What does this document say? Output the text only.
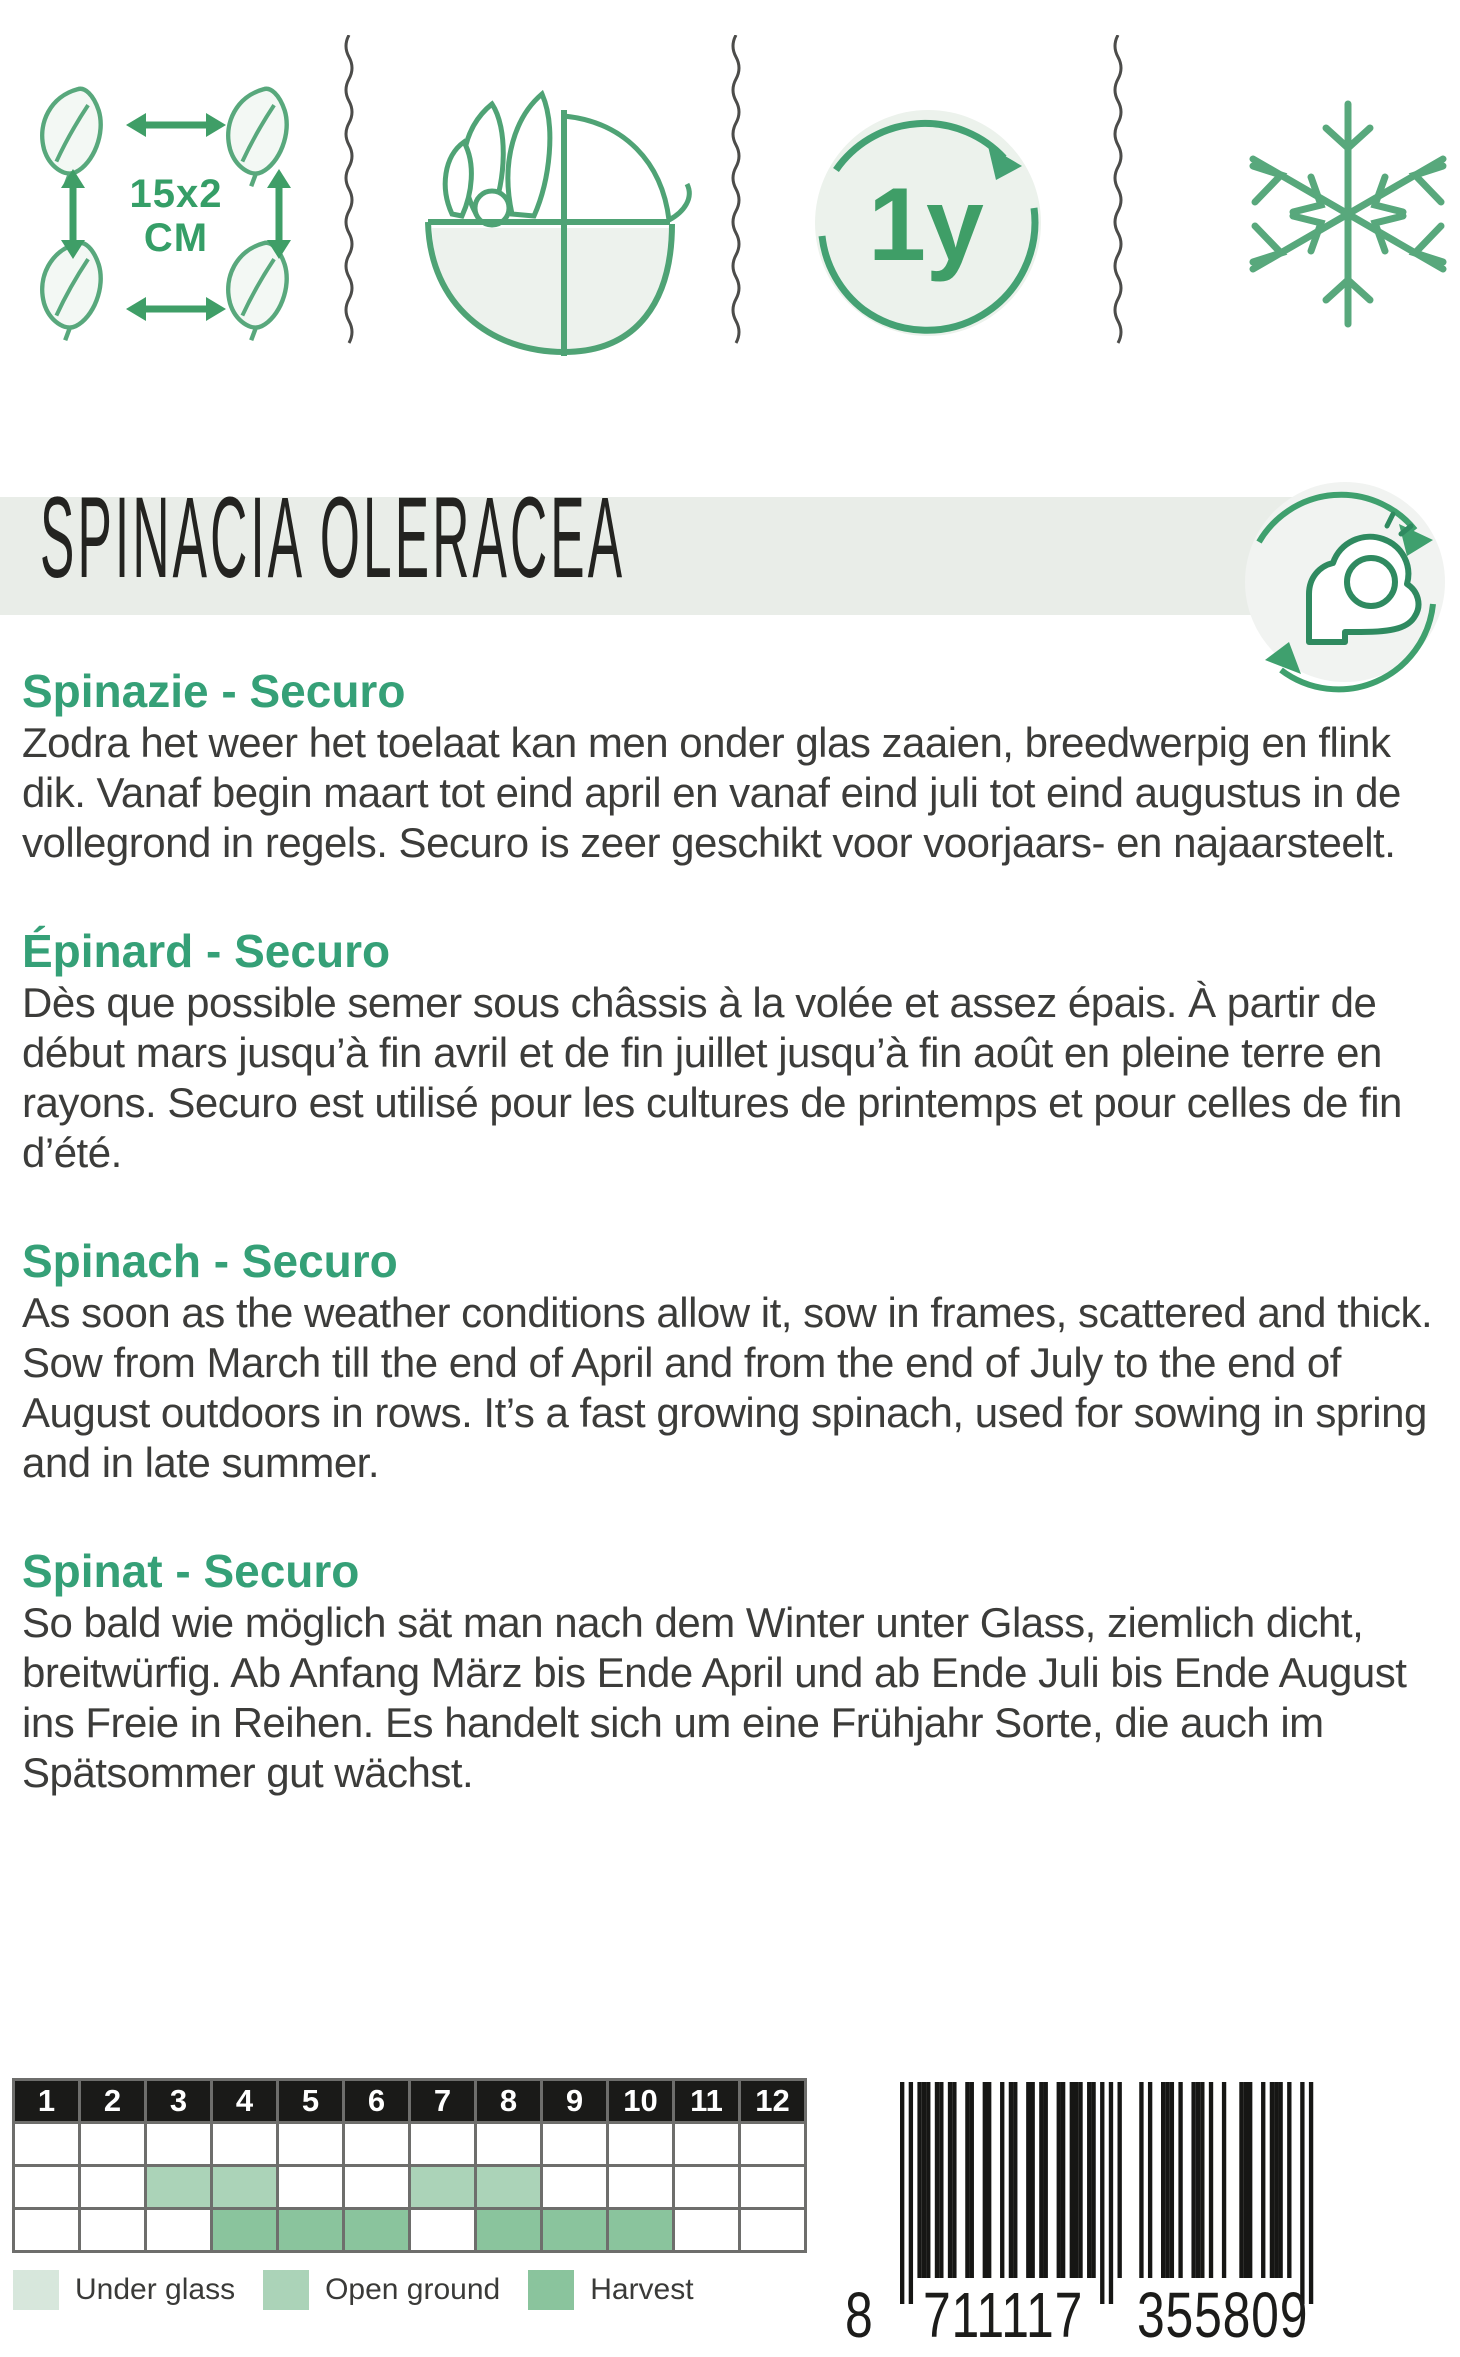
15x2
CM	1y
SPINACIA OLERACEA
Spinazie - Securo

Zodra het weer het toelaat kan men onder glas zaaien, breedwerpig en flink dik. Vanaf begin maart tot eind april en vanaf eind juli tot eind augustus in de vollegrond in regels. Securo is zeer geschikt voor voorjaars- en najaarsteelt.

Épinard - Securo

Dès que possible semer sous châssis à la volée et assez épais. À partir de début mars jusqu’à fin avril et de fin juillet jusqu’à fin août en pleine terre en rayons. Securo est utilisé pour les cultures de printemps et pour celles de fin d’été.

Spinach - Securo

As soon as the weather conditions allow it, sow in frames, scattered and thick. Sow from March till the end of April and from the end of July to the end of August outdoors in rows. It’s a fast growing spinach, used for sowing in spring and in late summer.

Spinat - Securo

So bald wie möglich sät man nach dem Winter unter Glass, ziemlich dicht, breitwürfig. Ab Anfang März bis Ende April und ab Ende Juli bis Ende August ins Freie in Reihen. Es handelt sich um eine Frühjahr Sorte, die auch im Spätsommer gut wächst.

1	2	3	4	5	6	7	8	9	10	11	12

Under glass	Open ground	Harvest 8 711117 355809
